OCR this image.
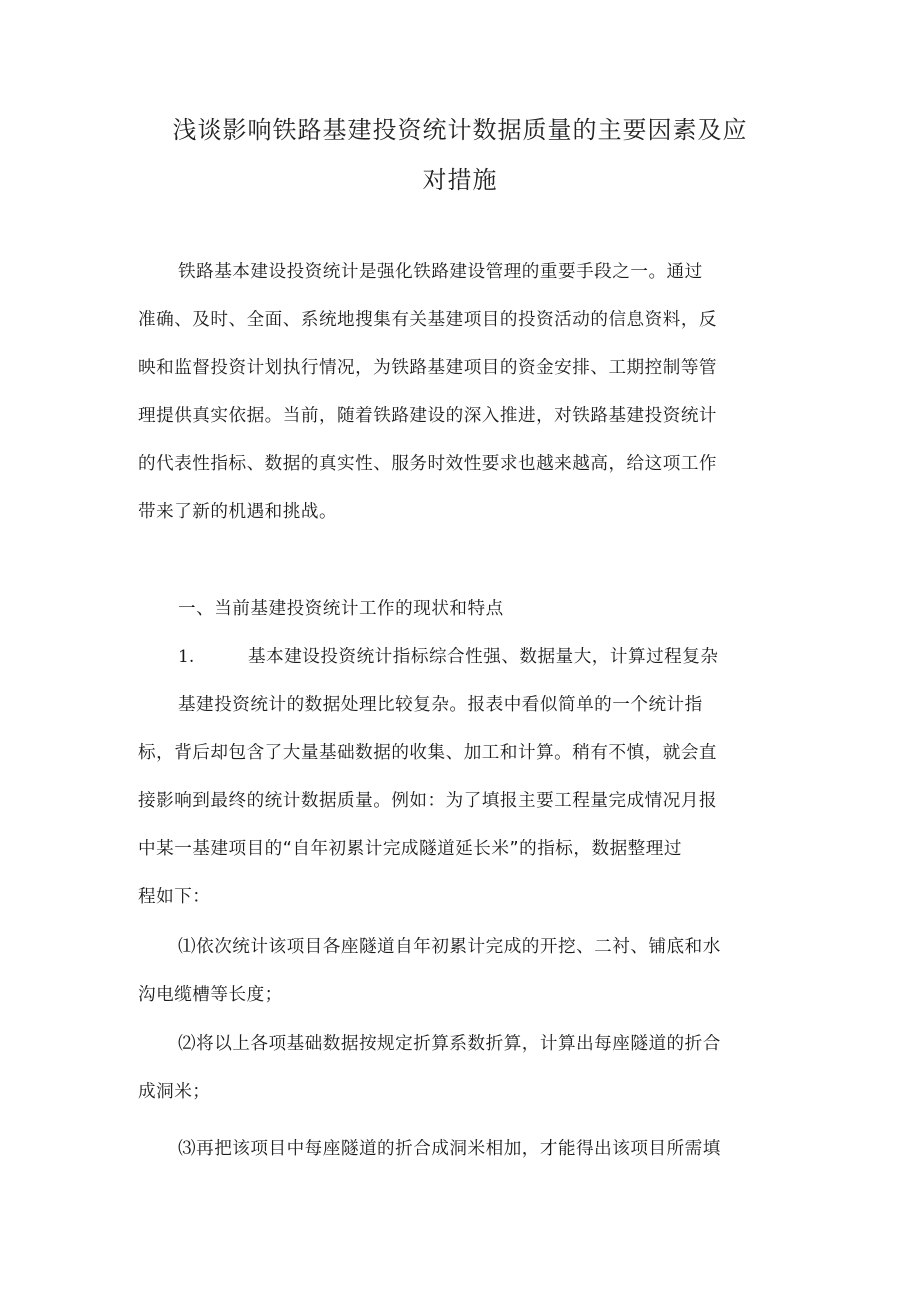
浅谈影响铁路基建投资统计数据质量的主要因素及应
对措施
铁路基本建设投资统计是强化铁路建设管理的重要手段之一。通过
准确、及时、全面、系统地搜集有关基建项目的投资活动的信息资料，反
映和监督投资计划执行情况，为铁路基建项目的资金安排、工期控制等管
理提供真实依据。当前，随着铁路建设的深入推进，对铁路基建投资统计
的代表性指标、数据的真实性、服务时效性要求也越来越高，给这项工作
带来了新的机遇和挑战。
一、当前基建投资统计工作的现状和特点
1.	基本建设投资统计指标综合性强、数据量大，计算过程复杂
基建投资统计的数据处理比较复杂。报表中看似简单的一个统计指
标，背后却包含了大量基础数据的收集、加工和计算。稍有不慎，就会直
接影响到最终的统计数据质量。例如：为了填报主要工程量完成情况月报
中某一基建项目的“自年初累计完成隧道延长米”的指标，数据整理过
程如下：
⑴依次统计该项目各座隧道自年初累计完成的开挖、二衬、铺底和水
沟电缆槽等长度；
⑵将以上各项基础数据按规定折算系数折算，计算出每座隧道的折合
成洞米；
⑶再把该项目中每座隧道的折合成洞米相加，才能得出该项目所需填
